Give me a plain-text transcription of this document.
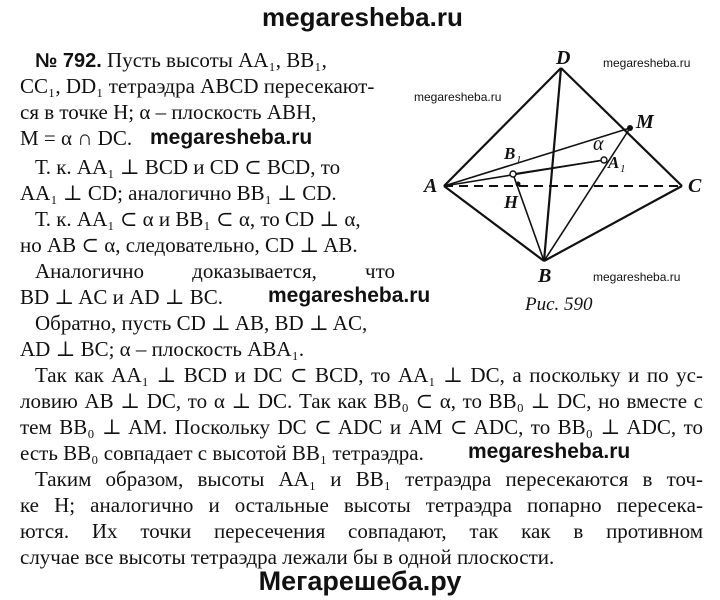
megaresheba.ru
D
A	C
B
M
B 1	A 1
H
α
megaresheba.ru
megaresheba.ru
megaresheba.ru
Рис. 590
№ 792. Пусть высоты AA₁, BB₁,
CC₁, DD₁ тетраэдра ABCD пересекают-
ся в точке H; α – плоскость ABH,
M = α ∩ DC. megaresheba.ru
Т. к. AA₁ ⊥ BCD и CD ⊂ BCD, то
AA₁ ⊥ CD; аналогично BB₁ ⊥ CD.
Т. к. AA₁ ⊂ α и BB₁ ⊂ α, то CD ⊥ α,
но AB ⊂ α, следовательно, CD ⊥ AB.
Аналогично доказывается, что
BD ⊥ AC и AD ⊥ BC. megaresheba.ru
Обратно, пусть CD ⊥ AB, BD ⊥ AC,
AD ⊥ BC; α – плоскость ABA₁.
Так как AA₁ ⊥ BCD и DC ⊂ BCD, то AA₁ ⊥ DC, а поскольку и по ус-
ловию AB ⊥ DC, то α ⊥ DC. Так как BB₀ ⊂ α, то BB₀ ⊥ DC, но вместе с
тем BB₀ ⊥ AM. Поскольку DC ⊂ ADC и AM ⊂ ADC, то BB₀ ⊥ ADC, то
есть BB₀ совпадает с высотой BB₁ тетраэдра. megaresheba.ru
Таким образом, высоты AA₁ и BB₁ тетраэдра пересекаются в точ-
ке H; аналогично и остальные высоты тетраэдра попарно пересекa-
ются. Их точки пересечения совпадают, так как в противном
случае все высоты тетраэдра лежали бы в одной плоскости.
Мегарешеба.ру
